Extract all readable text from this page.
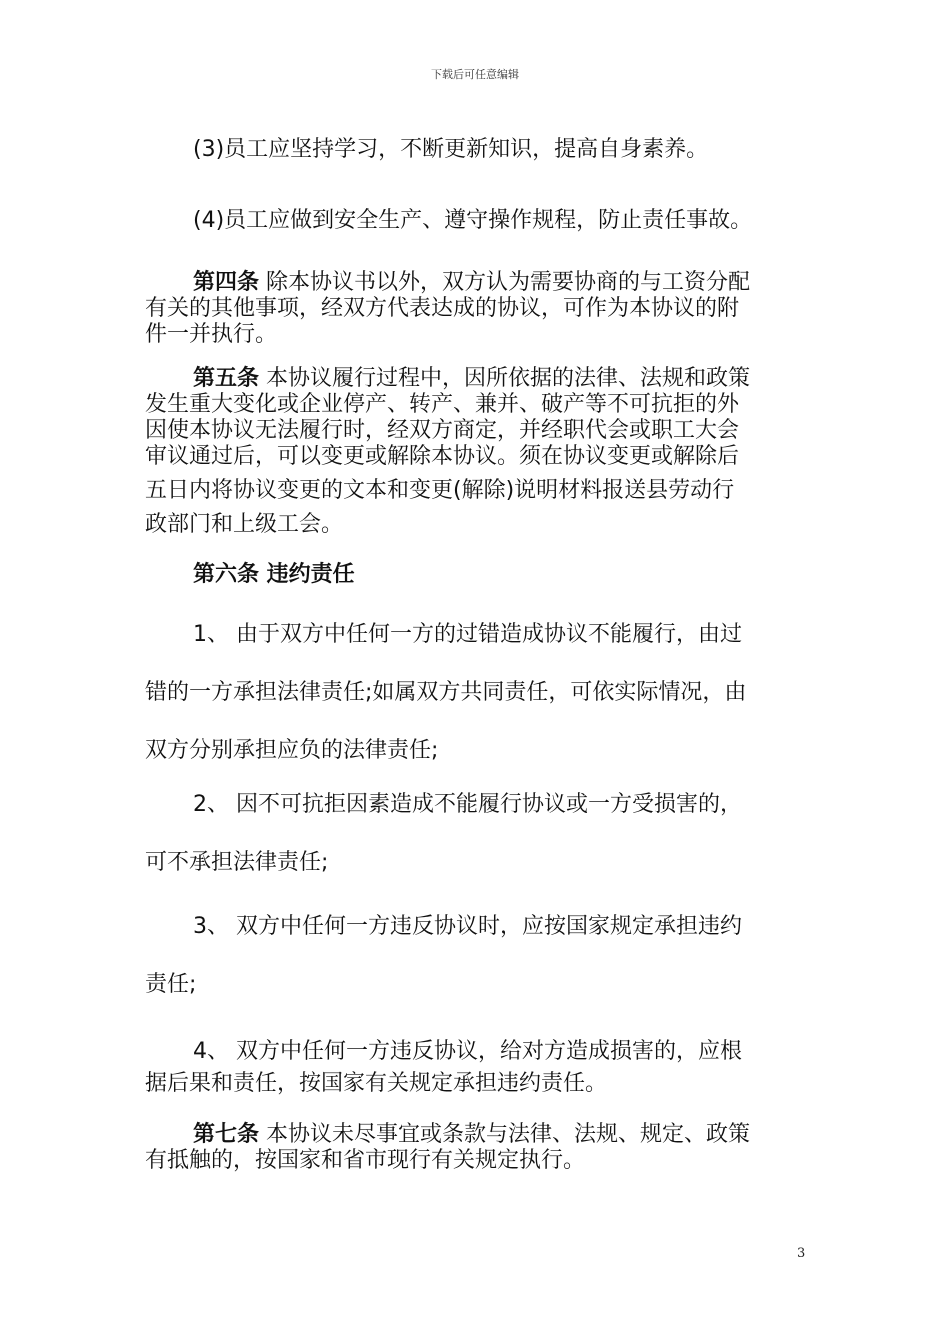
下载后可任意编辑

(3)员工应坚持学习，不断更新知识，提高自身素养。

(4)员工应做到安全生产、遵守操作规程，防止责任事故。

第四条 除本协议书以外，双方认为需要协商的与工资分配
有关的其他事项，经双方代表达成的协议，可作为本协议的附
件一并执行。

第五条 本协议履行过程中，因所依据的法律、法规和政策
发生重大变化或企业停产、转产、兼并、破产等不可抗拒的外
因使本协议无法履行时，经双方商定，并经职代会或职工大会
审议通过后，可以变更或解除本协议。须在协议变更或解除后

五日内将协议变更的文本和变更(解除)说明材料报送县劳动行
政部门和上级工会。

第六条 违约责任

1、 由于双方中任何一方的过错造成协议不能履行，由过
错的一方承担法律责任;如属双方共同责任，可依实际情况，由
双方分别承担应负的法律责任;

2、 因不可抗拒因素造成不能履行协议或一方受损害的，
可不承担法律责任;

3、 双方中任何一方违反协议时，应按国家规定承担违约
责任;

4、 双方中任何一方违反协议，给对方造成损害的，应根
据后果和责任，按国家有关规定承担违约责任。

第七条 本协议未尽事宜或条款与法律、法规、规定、政策
有抵触的，按国家和省市现行有关规定执行。

3
